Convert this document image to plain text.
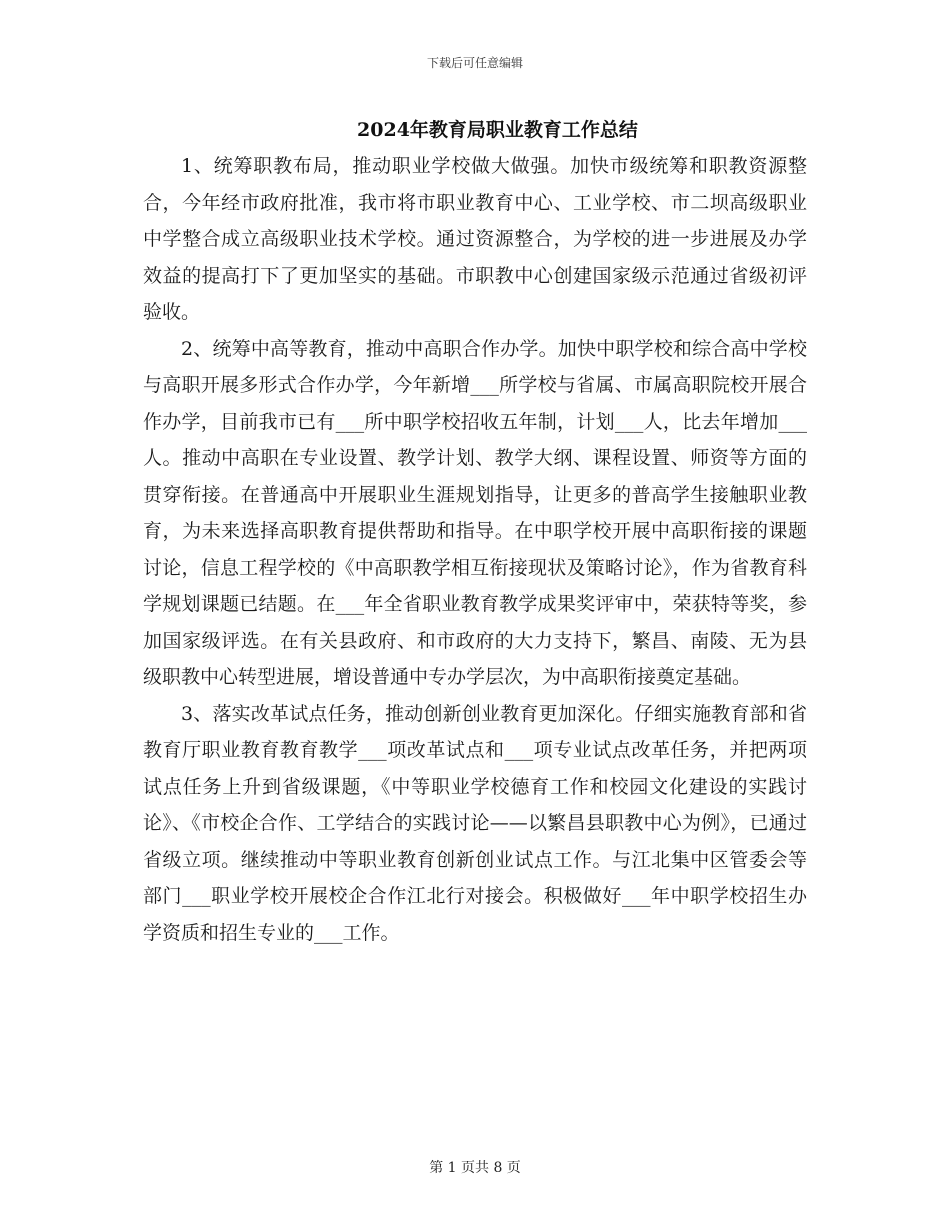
下载后可任意编辑
2024年教育局职业教育工作总结

1、统筹职教布局，推动职业学校做大做强。加快市级统筹和职教资源整合，今年经市政府批准，我市将市职业教育中心、工业学校、市二坝高级职业中学整合成立高级职业技术学校。通过资源整合，为学校的进一步进展及办学效益的提高打下了更加坚实的基础。市职教中心创建国家级示范通过省级初评验收。

2、统筹中高等教育，推动中高职合作办学。加快中职学校和综合高中学校与高职开展多形式合作办学，今年新增___所学校与省属、市属高职院校开展合作办学，目前我市已有___所中职学校招收五年制，计划___人，比去年增加___人。推动中高职在专业设置、教学计划、教学大纲、课程设置、师资等方面的贯穿衔接。在普通高中开展职业生涯规划指导，让更多的普高学生接触职业教育，为未来选择高职教育提供帮助和指导。在中职学校开展中高职衔接的课题讨论，信息工程学校的《中高职教学相互衔接现状及策略讨论》，作为省教育科学规划课题已结题。在___年全省职业教育教学成果奖评审中，荣获特等奖，参加国家级评选。在有关县政府、和市政府的大力支持下，繁昌、南陵、无为县级职教中心转型进展，增设普通中专办学层次，为中高职衔接奠定基础。

3、落实改革试点任务，推动创新创业教育更加深化。仔细实施教育部和省教育厅职业教育教育教学___项改革试点和___项专业试点改革任务，并把两项试点任务上升到省级课题，《中等职业学校德育工作和校园文化建设的实践讨论》、《市校企合作、工学结合的实践讨论——以繁昌县职教中心为例》，已通过省级立项。继续推动中等职业教育创新创业试点工作。与江北集中区管委会等部门___职业学校开展校企合作江北行对接会。积极做好___年中职学校招生办学资质和招生专业的___工作。

第 1 页共 8 页
